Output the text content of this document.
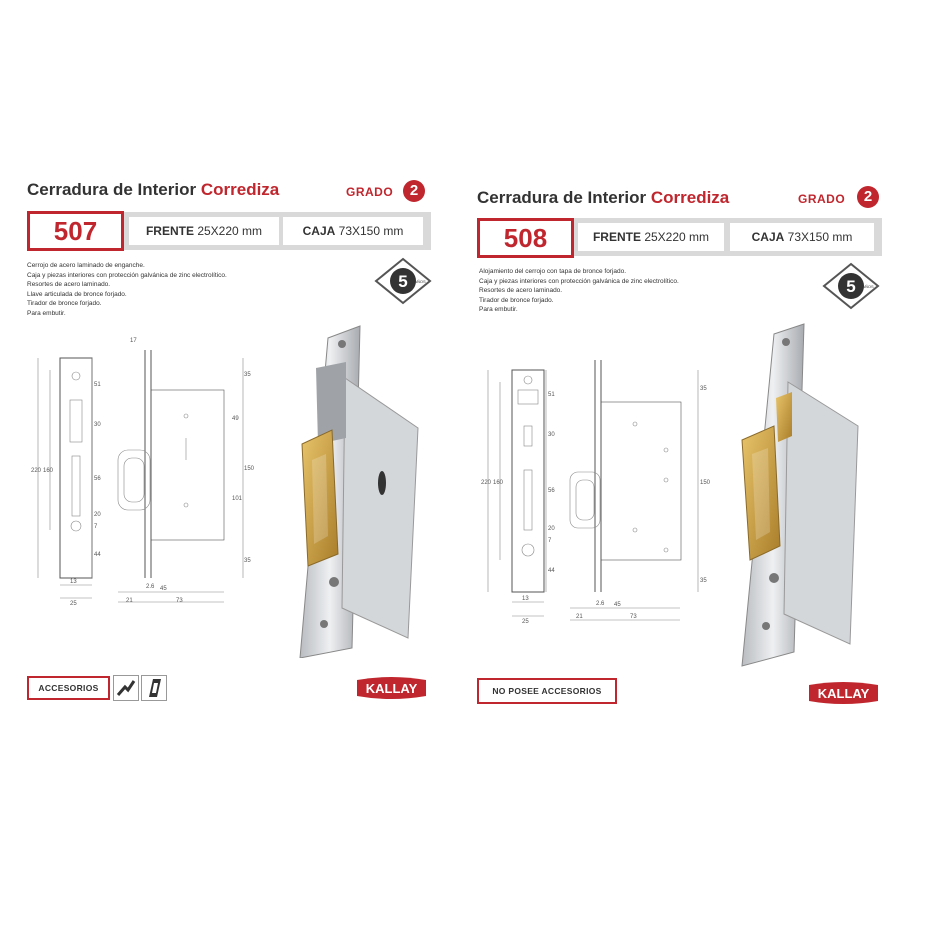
Cerradura de Interior Corrediza	GRADO	2
FRENTE 25X220 mm	CAJA 73X150 mm
507
Cerrojo de acero laminado de enganche.
Caja y piezas interiores con protección galvánica de zinc electrolítico.
Resortes de acero laminado.
Llave articulada de bronce forjado.
Tirador de bronce forjado.
Para embutir.
5 AÑOS
220 160
51
30
56
20
7
44
13
25
35
49
150
101
35
2.6 45
21	73
17
ACCESORIOS	KALLAY
Cerradura de Interior Corrediza	GRADO	2
FRENTE 25X220 mm	CAJA 73X150 mm
508
Alojamiento del cerrojo con tapa de bronce forjado.
Caja y piezas interiores con protección galvánica de zinc electrolítico.
Resortes de acero laminado.
Tirador de bronce forjado.
Para embutir.
5 AÑOS
220 160
51
30
56
20
7
44
13
25
35
150
35
2.6 45
21	73
NO POSEE ACCESORIOS	KALLAY
